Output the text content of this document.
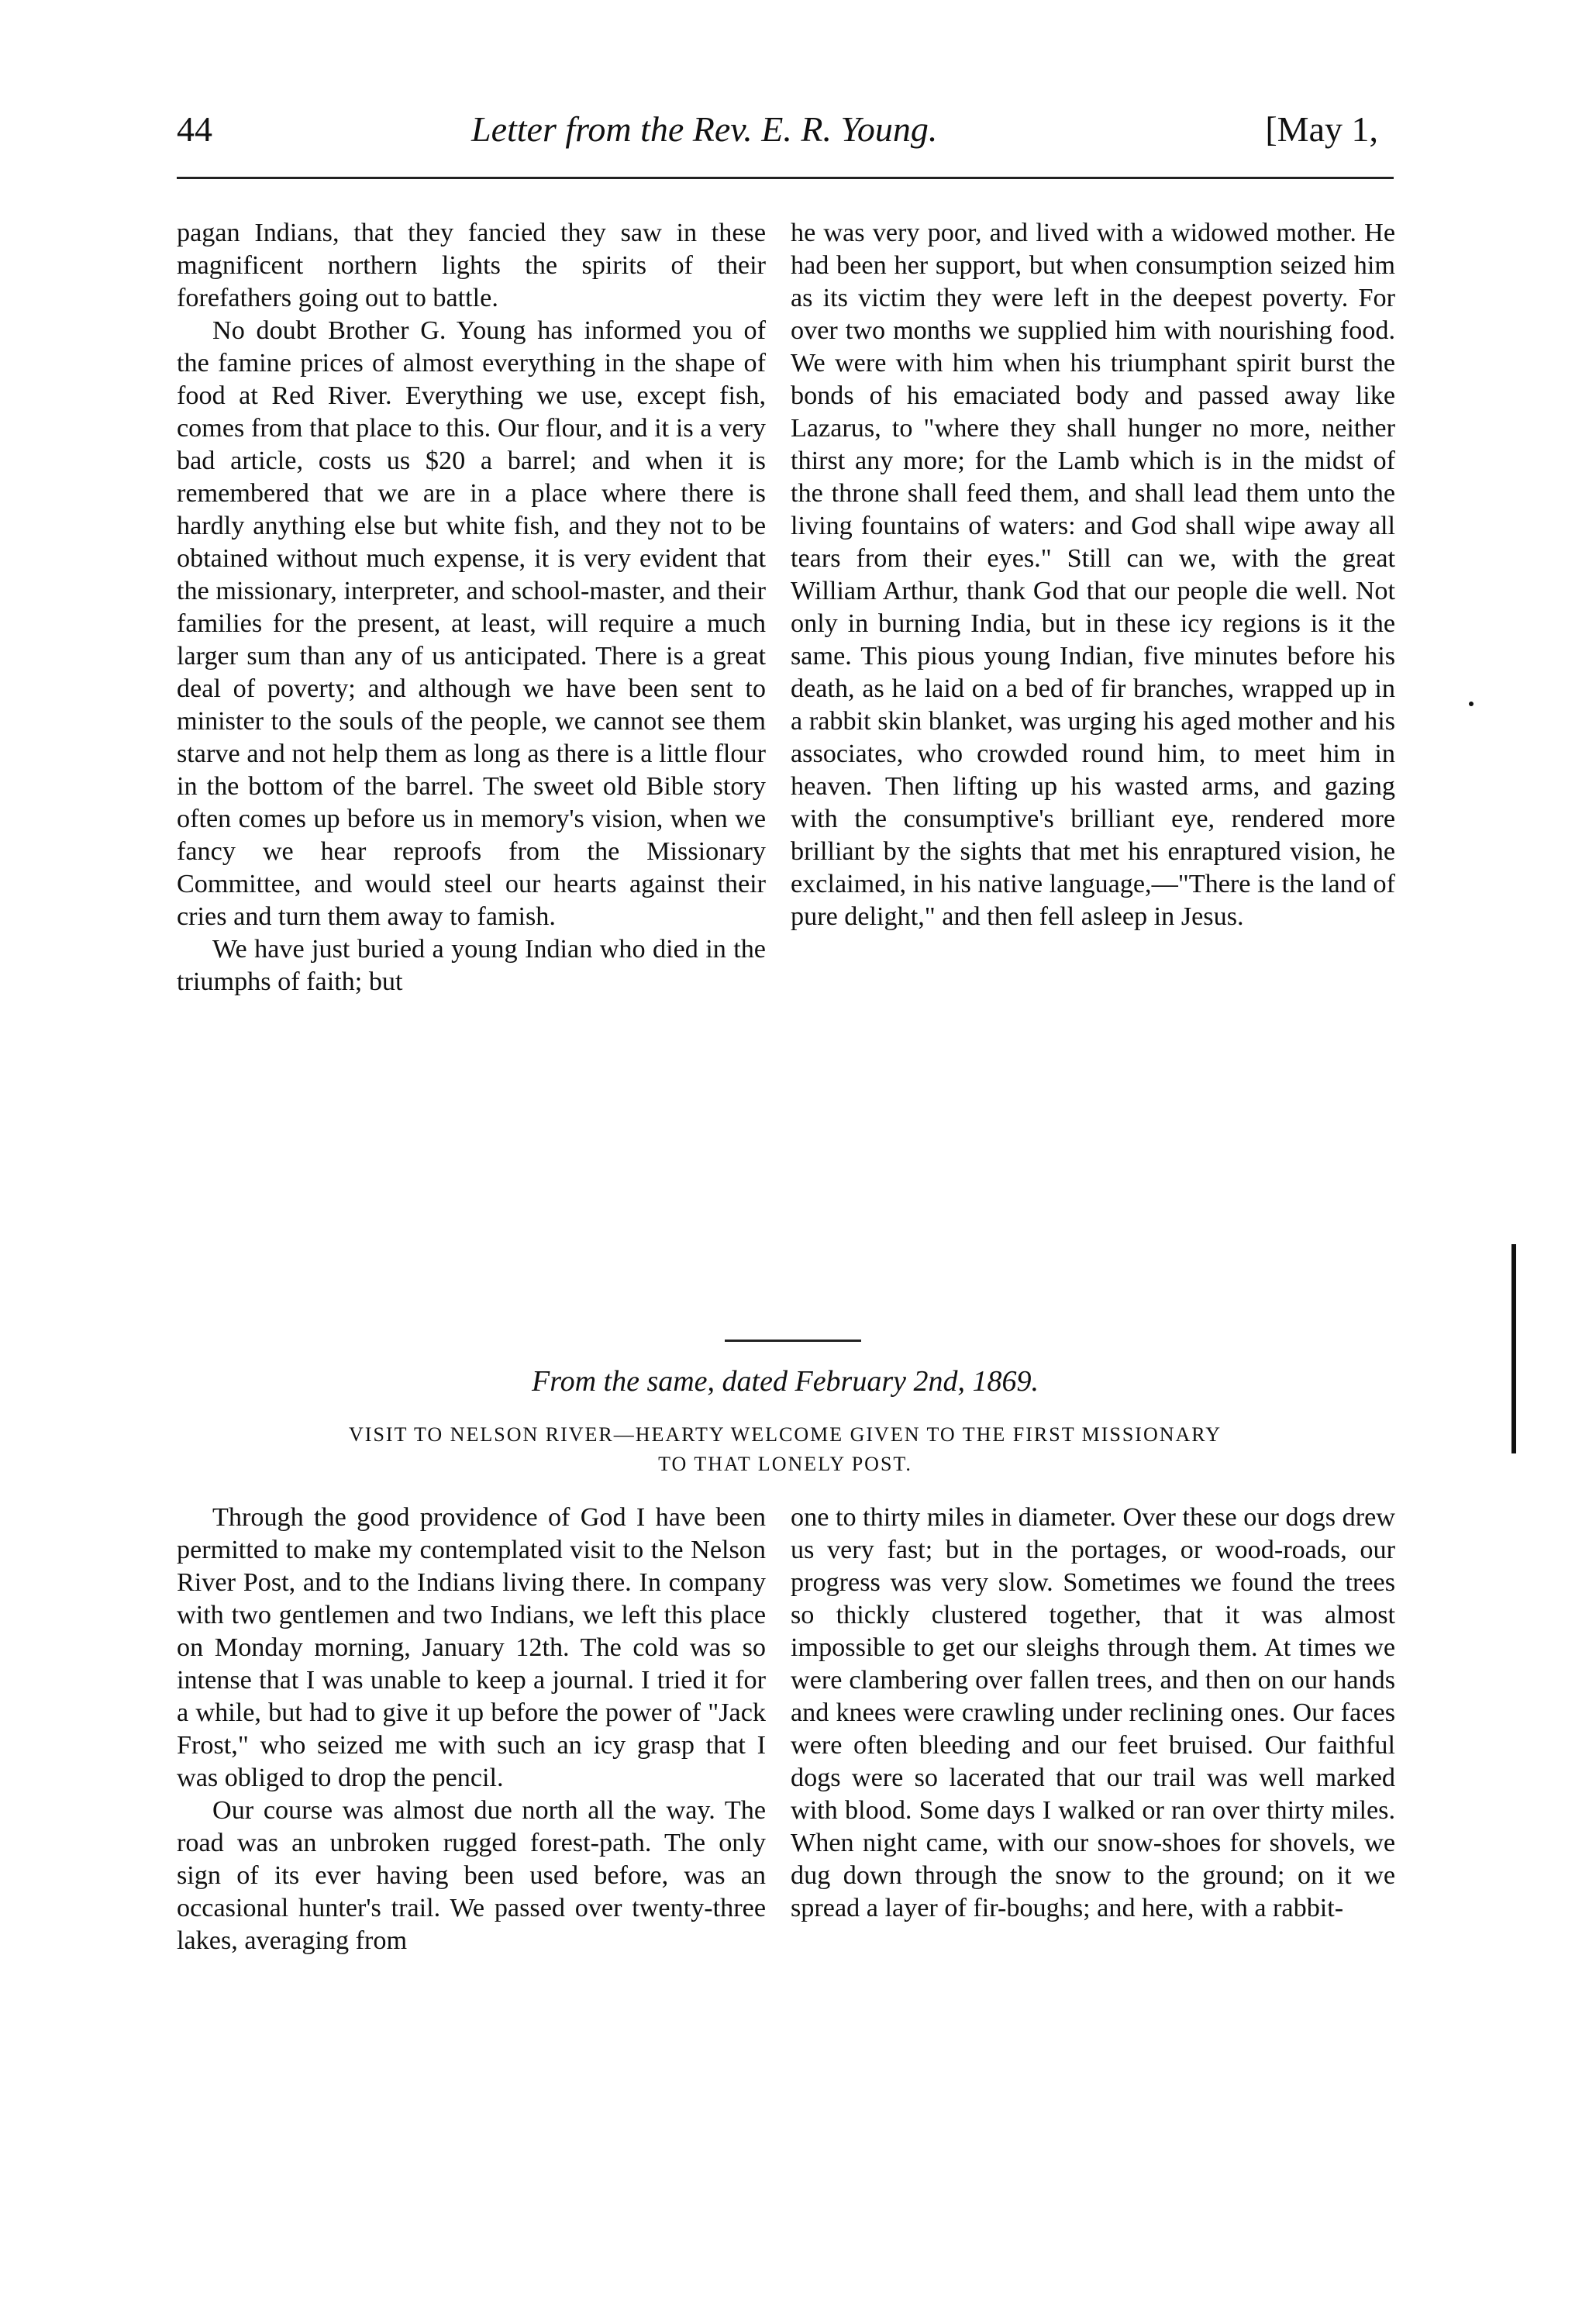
44	Letter from the Rev. E. R. Young.	[May 1,

pagan Indians, that they fancied they saw in these magnificent northern lights the spirits of their forefathers going out to battle.

No doubt Brother G. Young has informed you of the famine prices of almost everything in the shape of food at Red River. Everything we use, except fish, comes from that place to this. Our flour, and it is a very bad article, costs us $20 a barrel; and when it is remembered that we are in a place where there is hardly anything else but white fish, and they not to be obtained without much expense, it is very evident that the missionary, interpreter, and school-master, and their families for the present, at least, will require a much larger sum than any of us anticipated. There is a great deal of poverty; and although we have been sent to minister to the souls of the people, we cannot see them starve and not help them as long as there is a little flour in the bottom of the barrel. The sweet old Bible story often comes up before us in memory's vision, when we fancy we hear reproofs from the Missionary Committee, and would steel our hearts against their cries and turn them away to famish.

We have just buried a young Indian who died in the triumphs of faith; but

he was very poor, and lived with a widowed mother. He had been her support, but when consumption seized him as its victim they were left in the deepest poverty. For over two months we supplied him with nourishing food. We were with him when his triumphant spirit burst the bonds of his emaciated body and passed away like Lazarus, to "where they shall hunger no more, neither thirst any more; for the Lamb which is in the midst of the throne shall feed them, and shall lead them unto the living fountains of waters: and God shall wipe away all tears from their eyes." Still can we, with the great William Arthur, thank God that our people die well. Not only in burning India, but in these icy regions is it the same. This pious young Indian, five minutes before his death, as he laid on a bed of fir branches, wrapped up in a rabbit skin blanket, was urging his aged mother and his associates, who crowded round him, to meet him in heaven. Then lifting up his wasted arms, and gazing with the consumptive's brilliant eye, rendered more brilliant by the sights that met his enraptured vision, he exclaimed, in his native language,—"There is the land of pure delight," and then fell asleep in Jesus.

From the same, dated February 2nd, 1869.
VISIT TO NELSON RIVER—HEARTY WELCOME GIVEN TO THE FIRST MISSIONARY
TO THAT LONELY POST.

Through the good providence of God I have been permitted to make my contemplated visit to the Nelson River Post, and to the Indians living there. In company with two gentlemen and two Indians, we left this place on Monday morning, January 12th. The cold was so intense that I was unable to keep a journal. I tried it for a while, but had to give it up before the power of "Jack Frost," who seized me with such an icy grasp that I was obliged to drop the pencil.

Our course was almost due north all the way. The road was an unbroken rugged forest-path. The only sign of its ever having been used before, was an occasional hunter's trail. We passed over twenty-three lakes, averaging from

one to thirty miles in diameter. Over these our dogs drew us very fast; but in the portages, or wood-roads, our progress was very slow. Sometimes we found the trees so thickly clustered together, that it was almost impossible to get our sleighs through them. At times we were clambering over fallen trees, and then on our hands and knees were crawling under reclining ones. Our faces were often bleeding and our feet bruised. Our faithful dogs were so lacerated that our trail was well marked with blood. Some days I walked or ran over thirty miles. When night came, with our snow-shoes for shovels, we dug down through the snow to the ground; on it we spread a layer of fir-boughs; and here, with a rabbit-
